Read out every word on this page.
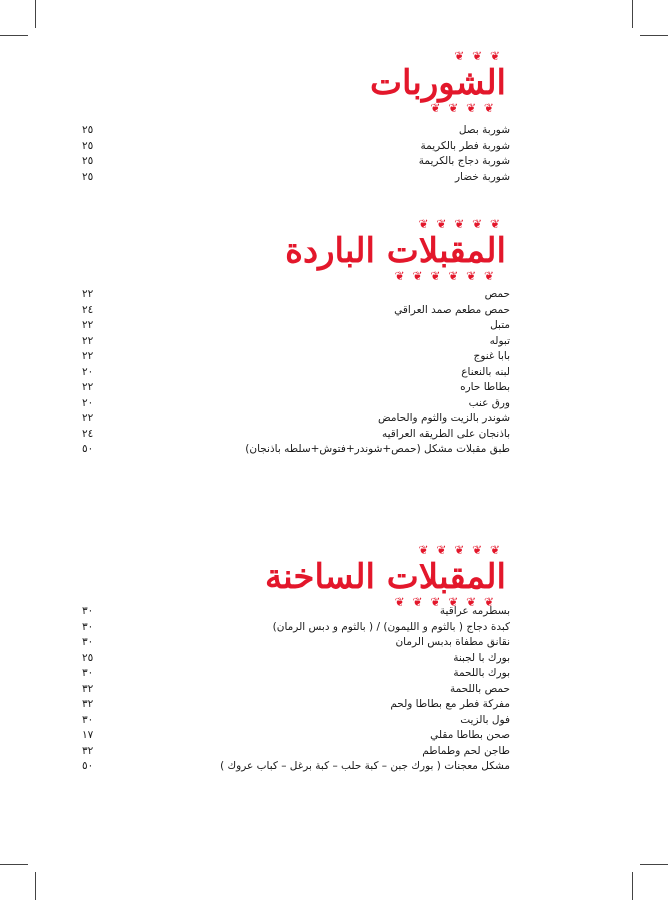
❦ ❦ ❦
الشوربات
❦ ❦ ❦ ❦
شوربة بصل
٢٥
شوربة فطر بالكريمة
٢٥
شوربة دجاج بالكريمة
٢٥
شوربة خضار
٢٥
❦ ❦ ❦ ❦ ❦
المقبلات الباردة
❦ ❦ ❦ ❦ ❦ ❦
حمص
٢٢
حمص مطعم صمد العراقي
٢٤
متبل
٢٢
تبوله
٢٢
بابا غنوج
٢٢
لبنه بالنعناع
٢٠
بطاطا حاره
٢٢
ورق عنب
٢٠
شوندر بالزيت والثوم والحامض
٢٢
باذنجان على الطريقه العراقيه
٢٤
طبق مقبلات مشكل (حمص+شوندر+فتوش+سلطه باذنجان)
٥٠
❦ ❦ ❦ ❦ ❦
المقبلات الساخنة
❦ ❦ ❦ ❦ ❦ ❦
بسطرمه عراقية
٣٠
كبدة دجاج ( بالثوم و الليمون) / ( بالثوم و دبس الرمان)
٣٠
نقانق مطفاة بدبس الرمان
٣٠
بورك با لجبنة
٢٥
بورك باللحمة
٣٠
حمص باللحمة
٣٢
مفركة فطر مع بطاطا ولحم
٣٢
فول بالزيت
٣٠
صحن بطاطا مقلي
١٧
طاجن لحم وطماطم
٣٢
مشكل معجنات ( بورك جبن – كبة حلب – كبة برغل – كباب عروك )
٥٠
